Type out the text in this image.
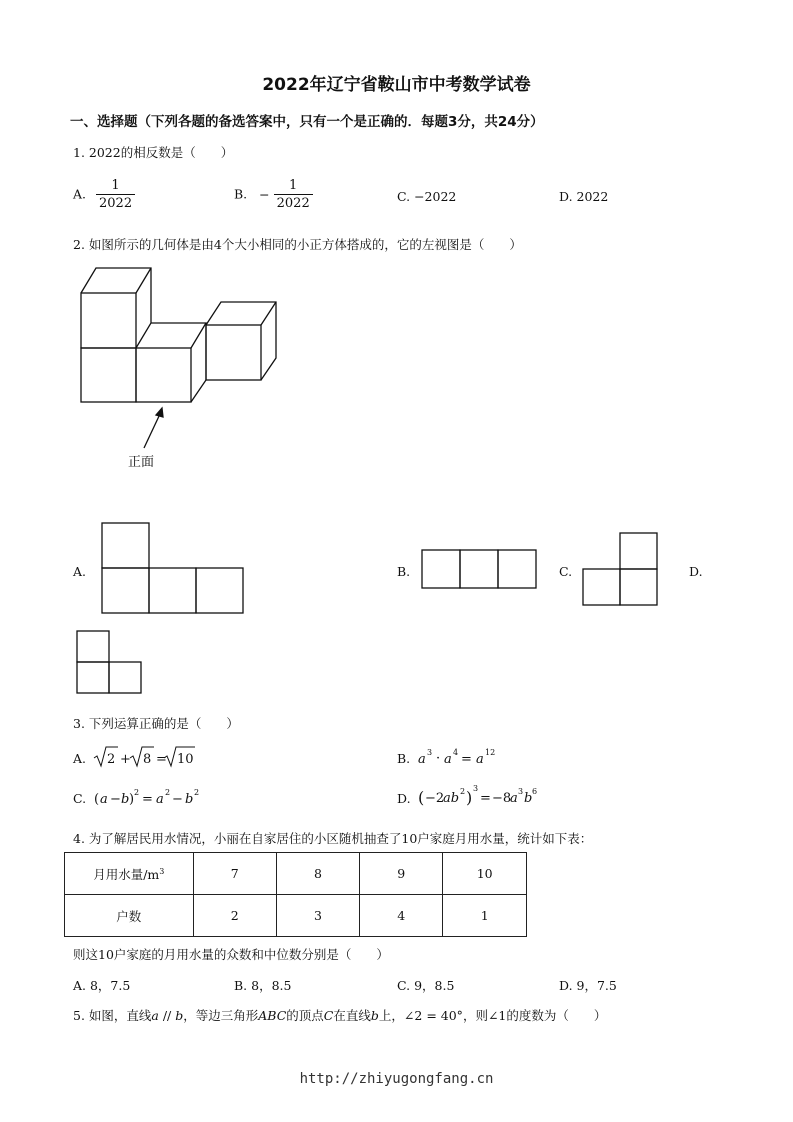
2022年辽宁省鞍山市中考数学试卷
一、选择题（下列各题的备选答案中，只有一个是正确的．每题3分，共24分）
1. 2022的相反数是（　　）
A. $\frac{1}{2022}$	B. − $\frac{1}{2022}$	C. −2022	D. 2022
2. 如图所示的几何体是由4个大小相同的小正方体搭成的，它的左视图是（　　）
正面
A.	B.	C.	D.
3. 下列运算正确的是（　　）
A. 2 + 8 = 10	B. a 3 · a 4 = a 12
C. ( a − b ) 2 = a 2 − b 2	D. ( −2
ab 2 ) 3
= −8
a 3 b 6
4. 为了解居民用水情况，小丽在自家居住的小区随机抽查了10户家庭月用水量，统计如下表：
月用水量$/m^3$	7	8	9	10
户数	2	3	4	1
则这10户家庭的月用水量的众数和中位数分别是（　　）
A. 8，7.5	B. 8，8.5	C. 9，8.5	D. 9，7.5
5. 如图，直线a // b，等边三角形ABC的顶点C在直线b上，∠2 = 40°，则∠1的度数为（　　）
http://zhiyugongfang.cn
